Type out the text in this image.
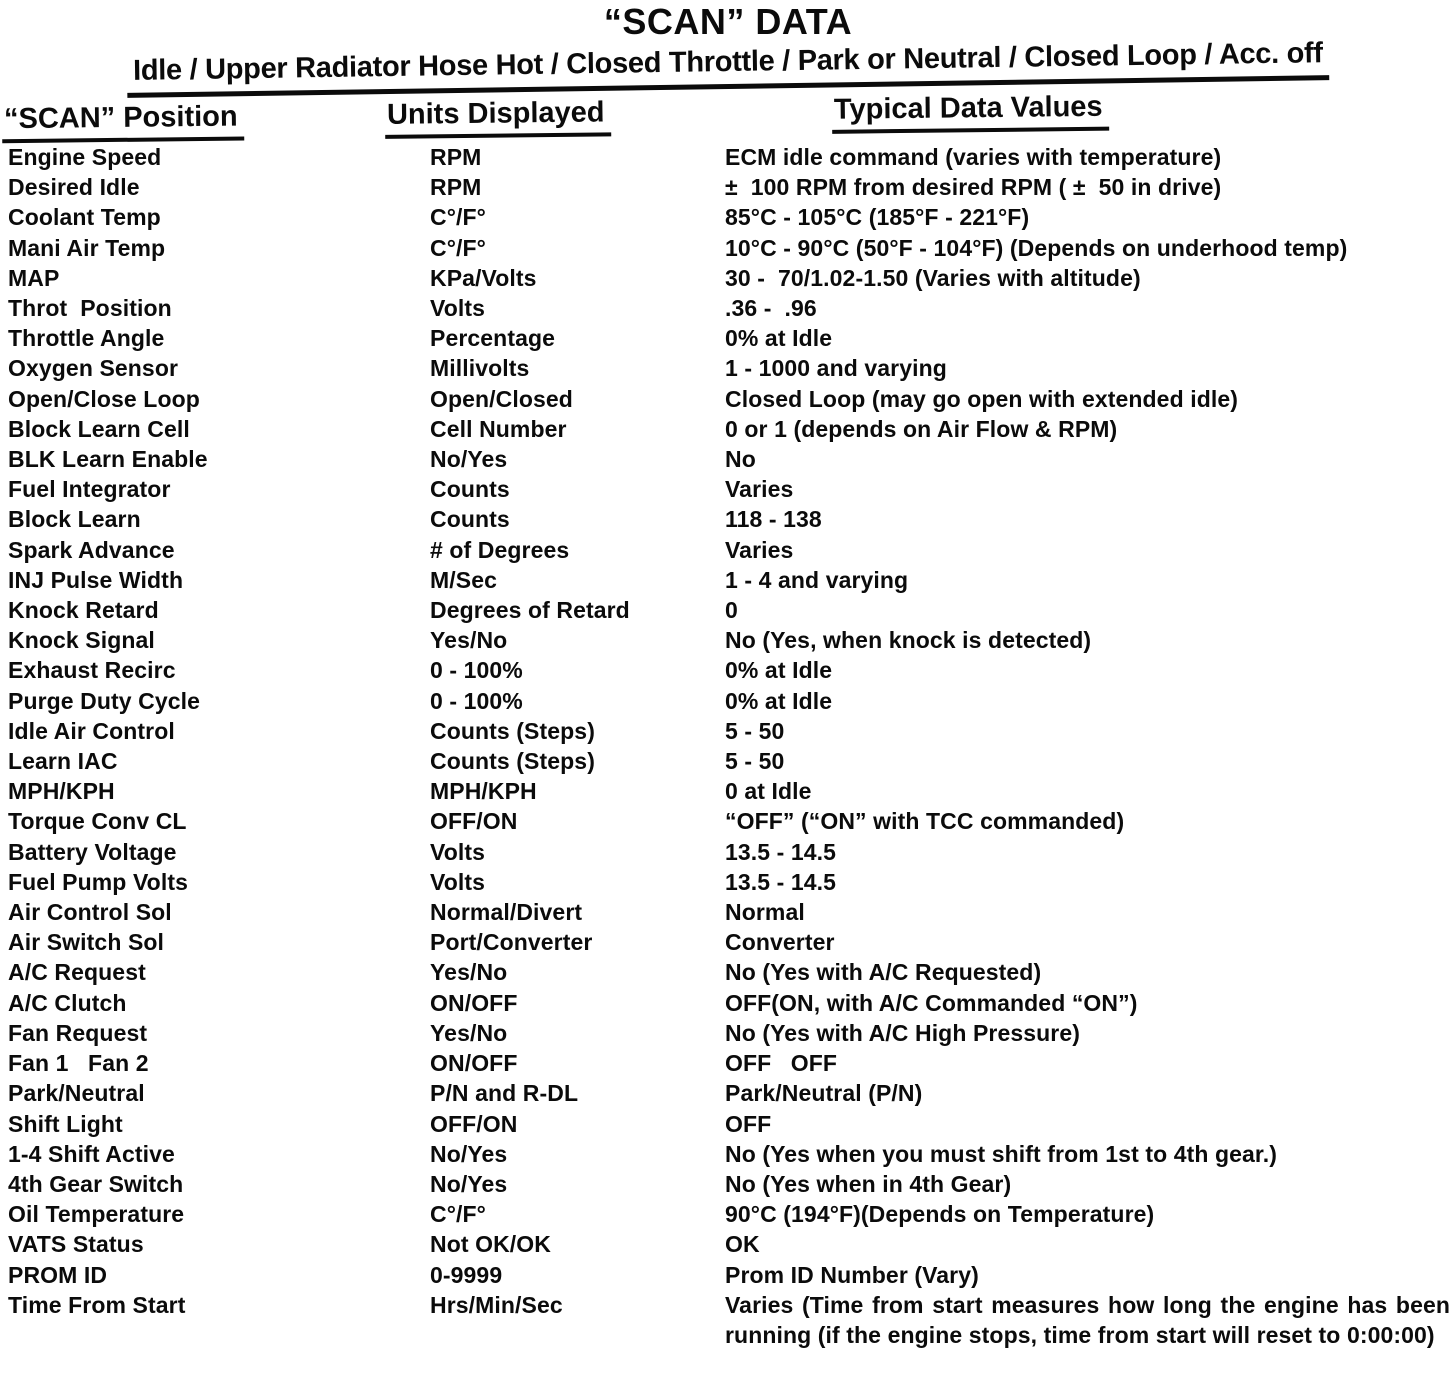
“SCAN” DATA
Idle / Upper Radiator Hose Hot / Closed Throttle / Park or Neutral / Closed Loop / Acc. off
“SCAN” Position	Units Displayed	Typical Data Values
Engine Speed	RPM	ECM idle command (varies with temperature)
Desired Idle	RPM	±  100 RPM from desired RPM ( ±  50 in drive)
Coolant Temp	C°/F°	85°C - 105°C (185°F - 221°F)
Mani Air Temp	C°/F°	10°C - 90°C (50°F - 104°F) (Depends on underhood temp)
MAP	KPa/Volts	30 -  70/1.02-1.50 (Varies with altitude)
Throt  Position	Volts	.36 -  .96
Throttle Angle	Percentage	0% at Idle
Oxygen Sensor	Millivolts	1 - 1000 and varying
Open/Close Loop	Open/Closed	Closed Loop (may go open with extended idle)
Block Learn Cell	Cell Number	0 or 1 (depends on Air Flow & RPM)
BLK Learn Enable	No/Yes	No
Fuel Integrator	Counts	Varies
Block Learn	Counts	118 - 138
Spark Advance	# of Degrees	Varies
INJ Pulse Width	M/Sec	1 - 4 and varying
Knock Retard	Degrees of Retard	0
Knock Signal	Yes/No	No (Yes, when knock is detected)
Exhaust Recirc	0 - 100%	0% at Idle
Purge Duty Cycle	0 - 100%	0% at Idle
Idle Air Control	Counts (Steps)	5 - 50
Learn IAC	Counts (Steps)	5 - 50
MPH/KPH	MPH/KPH	0 at Idle
Torque Conv CL	OFF/ON	“OFF” (“ON” with TCC commanded)
Battery Voltage	Volts	13.5 - 14.5
Fuel Pump Volts	Volts	13.5 - 14.5
Air Control Sol	Normal/Divert	Normal
Air Switch Sol	Port/Converter	Converter
A/C Request	Yes/No	No (Yes with A/C Requested)
A/C Clutch	ON/OFF	OFF(ON, with A/C Commanded “ON”)
Fan Request	Yes/No	No (Yes with A/C High Pressure)
Fan 1   Fan 2	ON/OFF	OFF   OFF
Park/Neutral	P/N and R-DL	Park/Neutral (P/N)
Shift Light	OFF/ON	OFF
1-4 Shift Active	No/Yes	No (Yes when you must shift from 1st to 4th gear.)
4th Gear Switch	No/Yes	No (Yes when in 4th Gear)
Oil Temperature	C°/F°	90°C (194°F)(Depends on Temperature)
VATS Status	Not OK/OK	OK
PROM ID	0-9999	Prom ID Number (Vary)
Time From Start	Hrs/Min/Sec	Varies (Time from start measures how long the engine has been running (if the engine stops, time from start will reset to 0:00:00)
